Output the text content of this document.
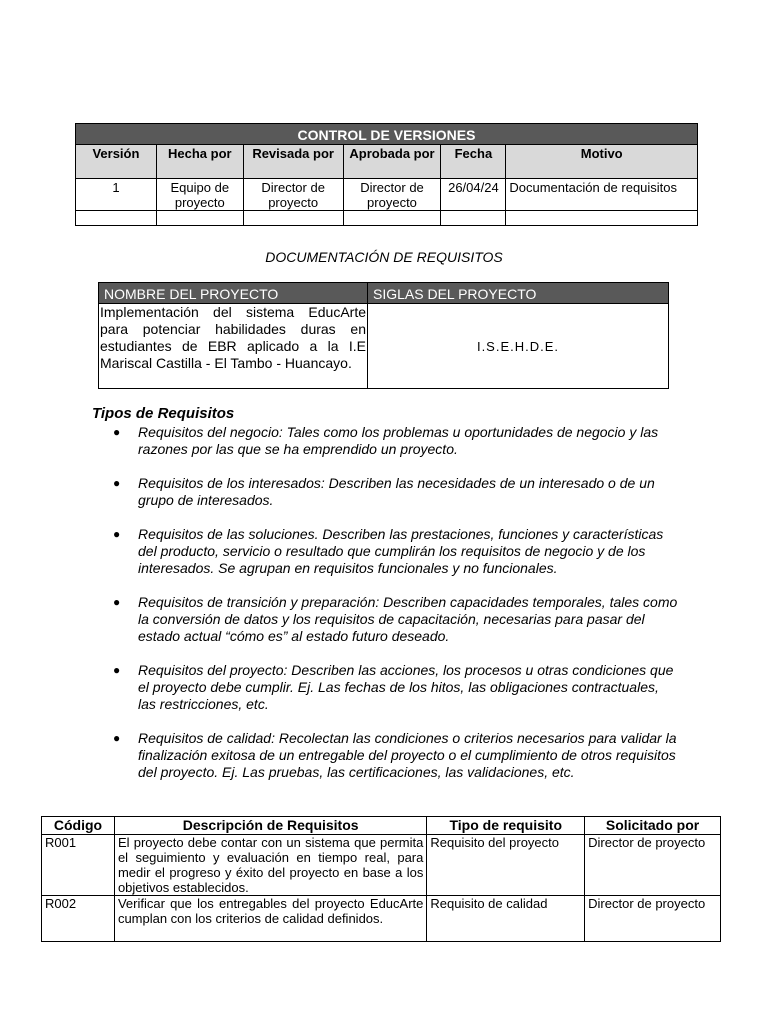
CONTROL DE VERSIONES					
Versión	Hecha por	Revisada por	Aprobada por	Fecha	Motivo
1	Equipo de proyecto	Director de proyecto	Director de proyecto	26/04/24	Documentación de requisitos

DOCUMENTACIÓN DE REQUISITOS
NOMBRE DEL PROYECTO	SIGLAS DEL PROYECTO
Implementación del sistema EducArte para potenciar habilidades duras en estudiantes de EBR aplicado a la I.E Mariscal Castilla - El Tambo - Huancayo.	I.S.E.H.D.E.
Tipos de Requisitos
● Requisitos del negocio: Tales como los problemas u oportunidades de negocio y las razones por las que se ha emprendido un proyecto.
● Requisitos de los interesados: Describen las necesidades de un interesado o de un grupo de interesados.
● Requisitos de las soluciones. Describen las prestaciones, funciones y características del producto, servicio o resultado que cumplirán los requisitos de negocio y de los interesados. Se agrupan en requisitos funcionales y no funcionales.
● Requisitos de transición y preparación: Describen capacidades temporales, tales como la conversión de datos y los requisitos de capacitación, necesarias para pasar del estado actual “cómo es” al estado futuro deseado.
● Requisitos del proyecto: Describen las acciones, los procesos u otras condiciones que el proyecto debe cumplir. Ej. Las fechas de los hitos, las obligaciones contractuales, las restricciones, etc.
● Requisitos de calidad: Recolectan las condiciones o criterios necesarios para validar la finalización exitosa de un entregable del proyecto o el cumplimiento de otros requisitos del proyecto. Ej. Las pruebas, las certificaciones, las validaciones, etc.
Código	Descripción de Requisitos	Tipo de requisito	Solicitado por
R001	El proyecto debe contar con un sistema que permita el seguimiento y evaluación en tiempo real, para medir el progreso y éxito del proyecto en base a los objetivos establecidos.	Requisito del proyecto	Director de proyecto
R002	Verificar que los entregables del proyecto EducArte cumplan con los criterios de calidad definidos.	Requisito de calidad	Director de proyecto
